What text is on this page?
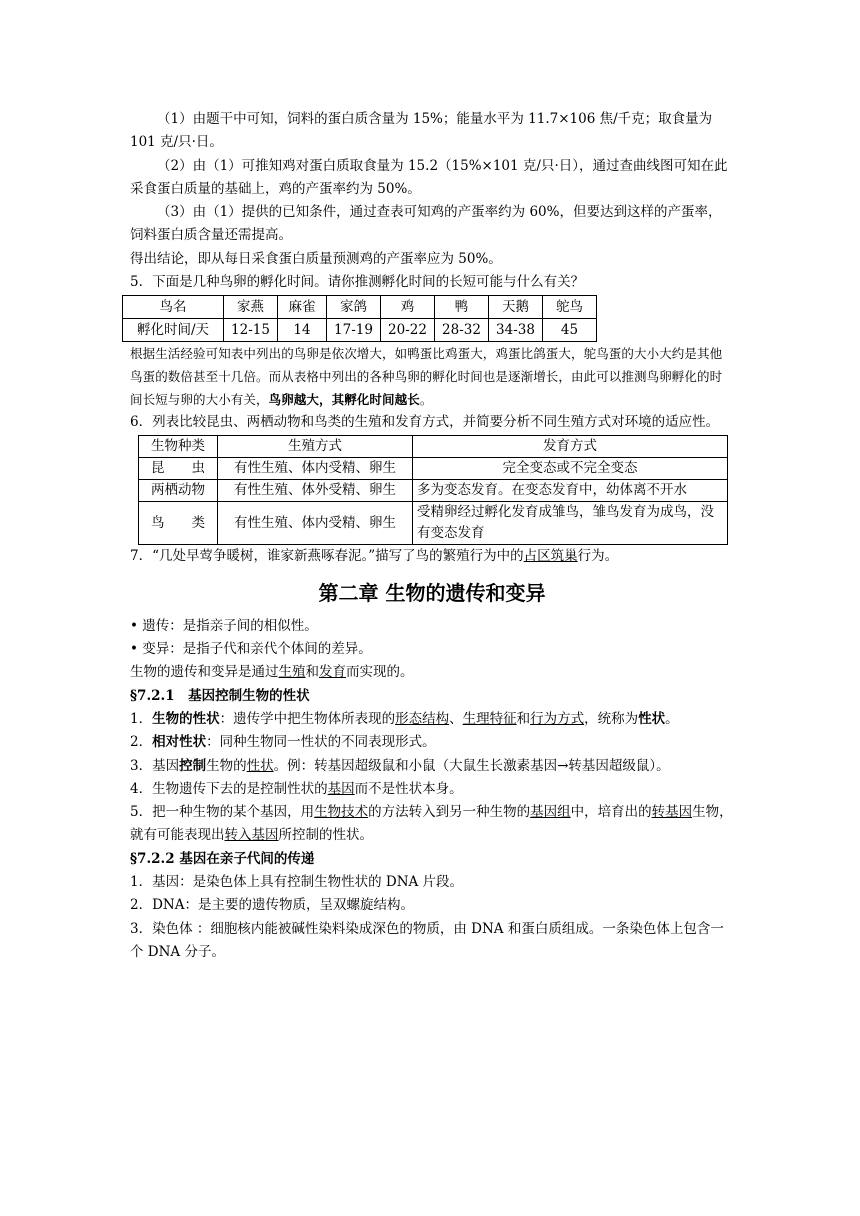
（1）由题干中可知，饲料的蛋白质含量为 15%；能量水平为 11.7×106 焦/千克；取食量为 101 克/只·日。

（2）由（1）可推知鸡对蛋白质取食量为 15.2（15%×101 克/只·日），通过查曲线图可知在此采食蛋白质量的基础上，鸡的产蛋率约为 50%。

（3）由（1）提供的已知条件，通过查表可知鸡的产蛋率约为 60%，但要达到这样的产蛋率，饲料蛋白质含量还需提高。

得出结论，即从每日采食蛋白质量预测鸡的产蛋率应为 50%。

5．下面是几种鸟卵的孵化时间。请你推测孵化时间的长短可能与什么有关？

鸟名	家燕	麻雀	家鸽	鸡	鸭	天鹅	鸵鸟
孵化时间/天	12-15	14	17-19	20-22	28-32	34-38	45

根据生活经验可知表中列出的鸟卵是依次增大，如鸭蛋比鸡蛋大，鸡蛋比鸽蛋大，鸵鸟蛋的大小大约是其他鸟蛋的数倍甚至十几倍。而从表格中列出的各种鸟卵的孵化时间也是逐渐增长，由此可以推测鸟卵孵化的时间长短与卵的大小有关，鸟卵越大，其孵化时间越长。

6．列表比较昆虫、两栖动物和鸟类的生殖和发育方式，并简要分析不同生殖方式对环境的适应性。

生物种类	生殖方式	发育方式
昆　　虫	有性生殖、体内受精、卵生	完全变态或不完全变态
两栖动物	有性生殖、体外受精、卵生	多为变态发育。在变态发育中，幼体离不开水
鸟　　类	有性生殖、体内受精、卵生	受精卵经过孵化发育成雏鸟，雏鸟发育为成鸟，没有变态发育

7．“几处早莺争暖树，谁家新燕啄春泥。”描写了鸟的繁殖行为中的占区筑巢行为。

第二章 生物的遗传和变异

• 遗传：是指亲子间的相似性。

• 变异：是指子代和亲代个体间的差异。

生物的遗传和变异是通过生殖和发育而实现的。

§7.2.1　基因控制生物的性状

1．生物的性状：遗传学中把生物体所表现的形态结构、生理特征和行为方式，统称为性状。

2．相对性状：同种生物同一性状的不同表现形式。

3．基因控制生物的性状。例：转基因超级鼠和小鼠（大鼠生长激素基因→转基因超级鼠）。

4．生物遗传下去的是控制性状的基因而不是性状本身。

5．把一种生物的某个基因，用生物技术的方法转入到另一种生物的基因组中，培育出的转基因生物，就有可能表现出转入基因所控制的性状。

§7.2.2 基因在亲子代间的传递

1．基因：是染色体上具有控制生物性状的 DNA 片段。

2．DNA：是主要的遗传物质，呈双螺旋结构。

3．染色体 ：细胞核内能被碱性染料染成深色的物质，由 DNA 和蛋白质组成。一条染色体上包含一个 DNA 分子。
